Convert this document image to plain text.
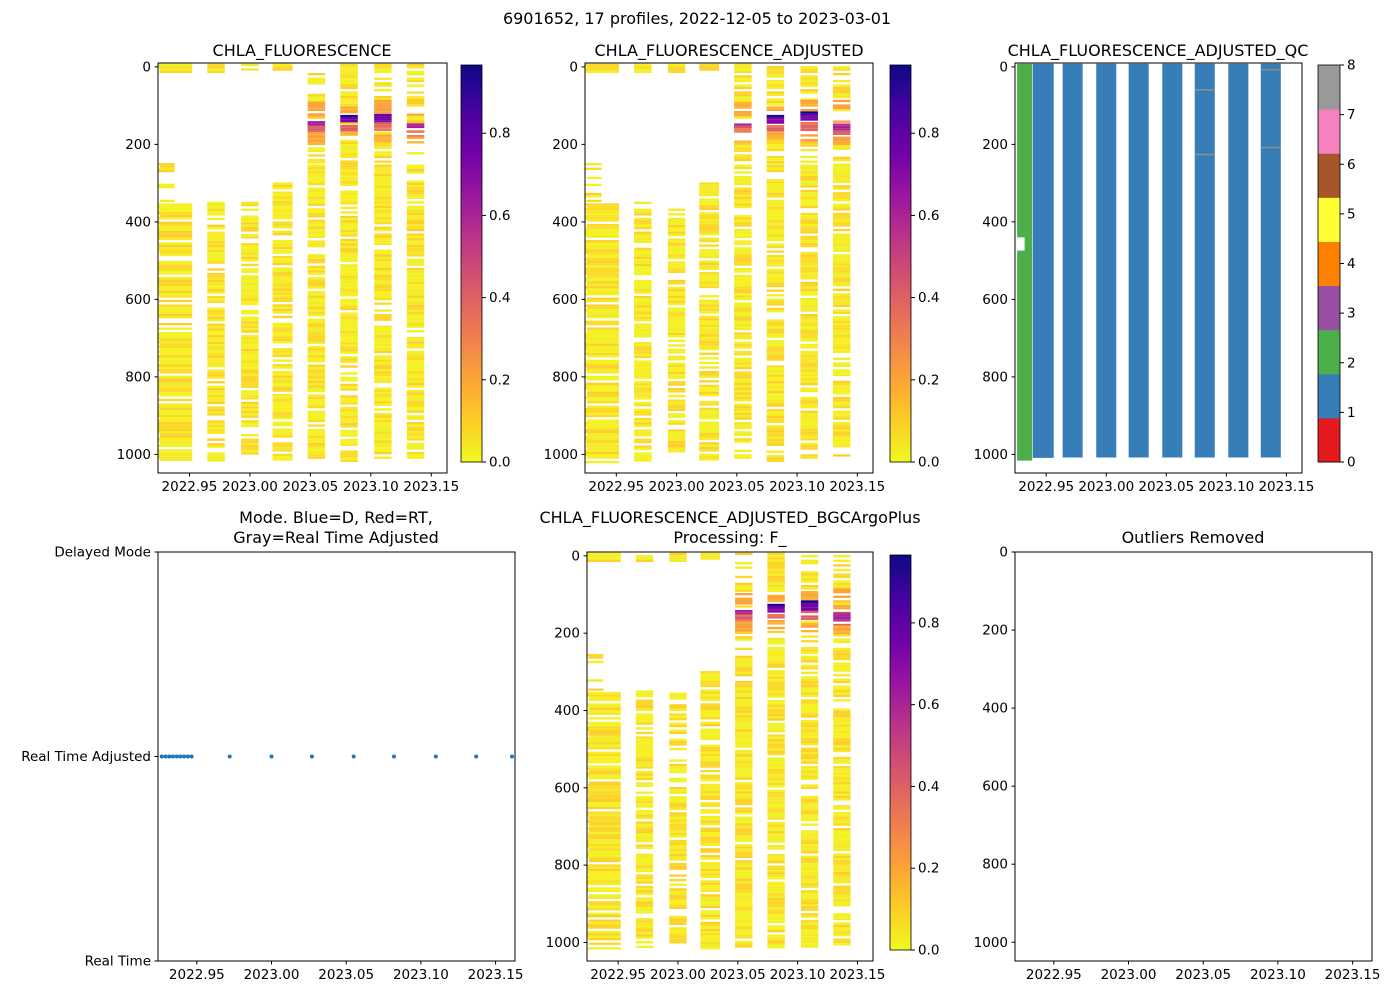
6901652, 17 profiles, 2022-12-05 to 2023-03-01
2022.95 2023.00 2023.05 2023.10 2023.15
0
200
400
600
800
1000	0.0
0.2
0.4
0.6
0.8
2022.95 2023.00 2023.05 2023.10 2023.15
0
200
400
600
800
1000	0.0
0.2
0.4
0.6
0.8
2022.95 2023.00 2023.05 2023.10 2023.15
0
200
400
600
800
1000	0
1
2
3
4
5
6
7
8
2022.95 2023.00 2023.05 2023.10 2023.15
Real Time
Real Time Adjusted
Delayed Mode
2022.95 2023.00 2023.05 2023.10 2023.15
0
200
400
600
800
1000	0.0
0.2
0.4
0.6
0.8
2022.95 2023.00 2023.05 2023.10 2023.15
0
200
400
600
800
1000
CHLA_FLUORESCENCE	CHLA_FLUORESCENCE_ADJUSTED	CHLA_FLUORESCENCE_ADJUSTED_QC
Mode. Blue=D, Red=RT,
Gray=Real Time Adjusted
CHLA_FLUORESCENCE_ADJUSTED_BGCArgoPlus
Processing: F_	Outliers Removed
